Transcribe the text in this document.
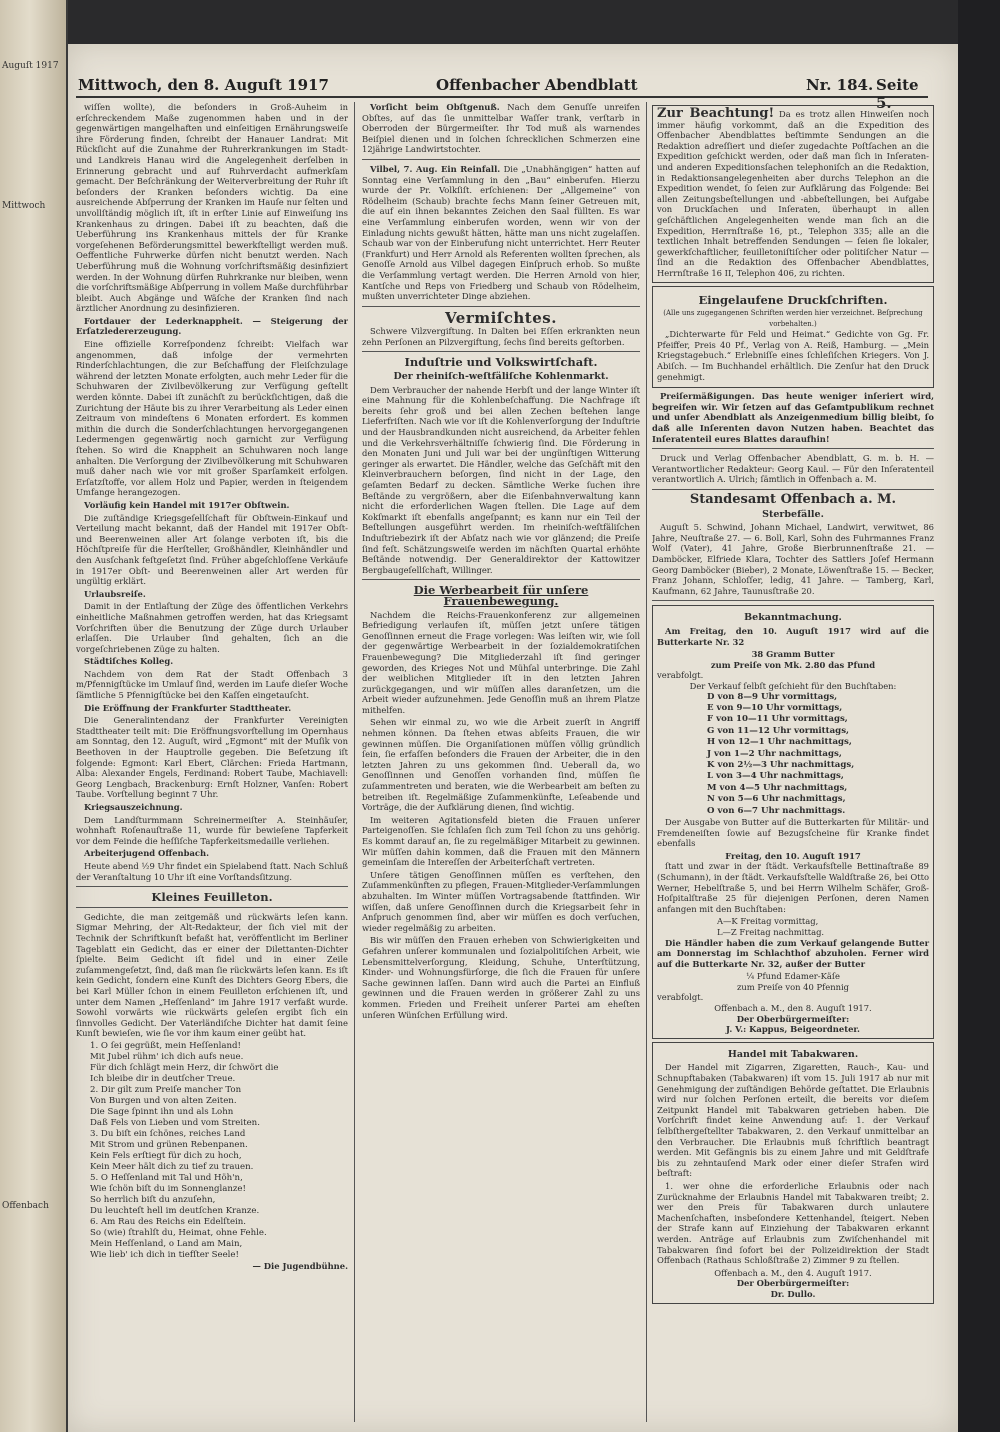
Auguſt 1917
Mittwoch
Offenbach
Mittwoch, den 8. Auguſt 1917	Offenbacher Abendblatt	Nr. 184. Seite 5.

wiſſen wollte), die beſonders in Groß-Auheim in erſchreckendem Maße zugenommen haben und in der gegenwärtigen mangelhaften und einſeitigen Ernährungsweiſe ihre Förderung finden, ſchreibt der Hanauer Landrat: Mit Rückſicht auf die Zunahme der Ruhrerkrankungen im Stadt- und Landkreis Hanau wird die Angelegenheit derſelben in Erinnerung gebracht und auf Ruhrverdacht aufmerkſam gemacht. Der Beſchränkung der Weiterverbreitung der Ruhr iſt beſonders der Kranken beſonders wichtig. Da eine ausreichende Abſperrung der Kranken im Hauſe nur ſelten und unvollſtändig möglich iſt, iſt in erſter Linie auf Einweiſung ins Krankenhaus zu dringen. Dabei iſt zu beachten, daß die Ueberführung ins Krankenhaus mittels der für Kranke vorgeſehenen Beförderungsmittel bewerkſtelligt werden muß. Oeffentliche Fuhrwerke dürfen nicht benutzt werden. Nach Ueberführung muß die Wohnung vorſchriftsmäßig desinfiziert werden. In der Wohnung dürfen Ruhrkranke nur bleiben, wenn die vorſchriftsmäßige Abſperrung in vollem Maße durchführbar bleibt. Auch Abgänge und Wäſche der Kranken ſind nach ärztlicher Anordnung zu desinfizieren.

Fortdauer der Lederknappheit. — Steigerung der Erſatzledererzeugung.

Eine offizielle Korreſpondenz ſchreibt: Vielfach war angenommen, daß infolge der vermehrten Rinderſchlachtungen, die zur Beſchaffung der Fleiſchzulage während der letzten Monate erfolgten, auch mehr Leder für die Schuhwaren der Zivilbevölkerung zur Verfügung geſtellt werden könnte. Dabei iſt zunächſt zu berückſichtigen, daß die Zurichtung der Häute bis zu ihrer Verarbeitung als Leder einen Zeitraum von mindeſtens 6 Monaten erfordert. Es kommen mithin die durch die Sonderſchlachtungen hervorgegangenen Ledermengen gegenwärtig noch garnicht zur Verfügung ſtehen. So wird die Knappheit an Schuhwaren noch lange anhalten. Die Verſorgung der Zivilbevölkerung mit Schuhwaren muß daher nach wie vor mit großer Sparſamkeit erfolgen. Erſatzſtoffe, vor allem Holz und Papier, werden in ſteigendem Umfange herangezogen.

Vorläufig kein Handel mit 1917er Obſtwein.

Die zuſtändige Kriegsgeſellſchaft für Obſtwein-Einkauf und Verteilung macht bekannt, daß der Handel mit 1917er Obſt- und Beerenweinen aller Art ſolange verboten iſt, bis die Höchſtpreiſe für die Herſteller, Großhändler, Kleinhändler und den Ausſchank feſtgeſetzt ſind. Früher abgeſchloſſene Verkäufe in 1917er Obſt- und Beerenweinen aller Art werden für ungültig erklärt.

Urlaubsreiſe.

Damit in der Entlaſtung der Züge des öffentlichen Verkehrs einheitliche Maßnahmen getroffen werden, hat das Kriegsamt Vorſchriften über die Benutzung der Züge durch Urlauber erlaſſen. Die Urlauber ſind gehalten, ſich an die vorgeſchriebenen Züge zu halten.

Städtiſches Kolleg.

Nachdem von dem Rat der Stadt Offenbach 3 m/Pfennigſtücke im Umlauf ſind, werden im Laufe dieſer Woche ſämtliche 5 Pfennigſtücke bei den Kaſſen eingetauſcht.

Die Eröffnung der Frankfurter Stadttheater.

Die Generalintendanz der Frankfurter Vereinigten Stadttheater teilt mit: Die Eröffnungsvorſtellung im Opernhaus am Sonntag, den 12. Auguſt, wird „Egmont“ mit der Muſik von Beethoven in der Hauptrolle gegeben. Die Beſetzung iſt folgende: Egmont: Karl Ebert, Clärchen: Frieda Hartmann, Alba: Alexander Engels, Ferdinand: Robert Taube, Machiavell: Georg Lengbach, Brackenburg: Ernſt Holzner, Vanſen: Robert Taube. Vorſtellung beginnt 7 Uhr.

Kriegsauszeichnung.

Dem Landſturmmann Schreinermeiſter A. Steinhäuſer, wohnhaft Roſenauſtraße 11, wurde für bewieſene Tapferkeit vor dem Feinde die heſſiſche Tapferkeitsmedaille verliehen.

Arbeiterjugend Offenbach.

Heute abend ½9 Uhr findet ein Spielabend ſtatt. Nach Schluß der Veranſtaltung 10 Uhr iſt eine Vorſtandsſitzung.

Kleines Feuilleton.

Gedichte, die man zeitgemäß und rückwärts leſen kann. Sigmar Mehring, der Alt-Redakteur, der ſich viel mit der Technik der Schriftkunſt befaßt hat, veröffentlicht im Berliner Tageblatt ein Gedicht, das er einer der Dilettanten-Dichter ſpielte. Beim Gedicht iſt fidel und in einer Zeile zuſammengeſetzt, ſind, daß man ſie rückwärts leſen kann. Es iſt kein Gedicht, ſondern eine Kunſt des Dichters Georg Ebers, die bei Karl Müller ſchon in einem Feuilleton erſchienen iſt, und unter dem Namen „Heſſenland“ im Jahre 1917 verfaßt wurde. Sowohl vorwärts wie rückwärts geleſen ergibt ſich ein ſinnvolles Gedicht. Der Vaterländiſche Dichter hat damit ſeine Kunſt bewieſen, wie ſie vor ihm kaum einer geübt hat.

1. O ſei gegrüßt, mein Heſſenland!
Mit Jubel rühm' ich dich aufs neue.
Für dich ſchlägt mein Herz, dir ſchwört die
Ich bleibe dir in deutſcher Treue.
2. Dir gilt zum Preiſe mancher Ton
Von Burgen und von alten Zeiten.
Die Sage ſpinnt ihn und als Lohn
Daß Fels von Lieben und vom Streiten.
3. Du biſt ein ſchönes, reiches Land
Mit Strom und grünen Rebenpanen.
Kein Fels erſtiegt für dich zu hoch,
Kein Meer hält dich zu tief zu trauen.
5. O Heſſenland mit Tal und Höh'n,
Wie ſchön biſt du im Sonnenglanze!
So herrlich biſt du anzuſehn,
Du leuchteſt hell im deutſchen Kranze.
6. Am Rau des Reichs ein Edelſtein.
So (wie) ſtrahlſt du, Heimat, ohne Fehle.
Mein Heſſenland, o Land am Main,
Wie lieb' ich dich in tiefſter Seele!
— Die Jugendbühne.

Vorſicht beim Obſtgenuß. Nach dem Genuſſe unreifen Obſtes, auf das ſie unmittelbar Waſſer trank, verſtarb in Oberroden der Bürgermeiſter. Ihr Tod muß als warnendes Beiſpiel dienen und in ſolchen ſchrecklichen Schmerzen eine 12jährige Landwirtstochter.

Vilbel, 7. Aug. Ein Reinfall. Die „Unabhängigen“ hatten auf Sonntag eine Verſammlung in den „Bau“ einberufen. Hierzu wurde der Pr. Volkſiſt. erſchienen: Der „Allgemeine“ von Rödelheim (Schaub) brachte ſechs Mann ſeiner Getreuen mit, die auf ein ihnen bekanntes Zeichen den Saal füllten. Es war eine Verſammlung einberufen worden, wenn wir von der Einladung nichts gewußt hätten, hätte man uns nicht zugelaſſen. Schaub war von der Einberufung nicht unterrichtet. Herr Reuter (Frankfurt) und Herr Arnold als Referenten wollten ſprechen, als Genoſſe Arnold aus Vilbel dagegen Einſpruch erhob. So mußte die Verſammlung vertagt werden. Die Herren Arnold von hier, Kantſche und Reps von Friedberg und Schaub von Rödelheim, mußten unverrichteter Dinge abziehen.

Vermiſchtes.

Schwere Vilzvergiftung. In Dalten bei Eſſen erkrankten neun zehn Perſonen an Pilzvergiftung, ſechs ſind bereits geſtorben.

Induſtrie und Volkswirtſchaft.
Der rheiniſch-weſtfäliſche Kohlenmarkt.

Dem Verbraucher der nahende Herbſt und der lange Winter iſt eine Mahnung für die Kohlenbeſchaffung. Die Nachfrage iſt bereits ſehr groß und bei allen Zechen beſtehen lange Lieferfriſten. Nach wie vor iſt die Kohlenverſorgung der Induſtrie und der Hausbrandkunden nicht ausreichend, da Arbeiter fehlen und die Verkehrsverhältniſſe ſchwierig ſind. Die Förderung in den Monaten Juni und Juli war bei der ungünſtigen Witterung geringer als erwartet. Die Händler, welche das Geſchäft mit den Kleinverbrauchern beſorgen, ſind nicht in der Lage, den geſamten Bedarf zu decken. Sämtliche Werke ſuchen ihre Beſtände zu vergrößern, aber die Eiſenbahnverwaltung kann nicht die erforderlichen Wagen ſtellen. Die Lage auf dem Kokſmarkt iſt ebenfalls angeſpannt; es kann nur ein Teil der Beſtellungen ausgeführt werden. Im rheiniſch-weſtfäliſchen Induſtriebezirk iſt der Abſatz nach wie vor glänzend; die Preiſe ſind feſt. Schätzungsweiſe werden im nächſten Quartal erhöhte Beſtände notwendig. Der Generaldirektor der Kattowitzer Bergbaugeſellſchaft, Willinger.

Die Werbearbeit für unſere Frauenbewegung.

Nachdem die Reichs-Frauenkonferenz zur allgemeinen Befriedigung verlaufen iſt, müſſen jetzt unſere tätigen Genoſſinnen erneut die Frage vorlegen: Was leiſten wir, wie ſoll der gegenwärtige Werbearbeit in der ſozialdemokratiſchen Frauenbewegung? Die Mitgliederzahl iſt ſind geringer geworden, des Krieges Not und Mühſal unterbringe. Die Zahl der weiblichen Mitglieder iſt in den letzten Jahren zurückgegangen, und wir müſſen alles daranſetzen, um die Arbeit wieder aufzunehmen. Jede Genoſſin muß an ihrem Platze mithelfen.

Sehen wir einmal zu, wo wie die Arbeit zuerſt in Angriff nehmen können. Da ſtehen etwas abſeits Frauen, die wir gewinnen müſſen. Die Organiſationen müſſen völlig gründlich ſein, ſie erfaſſen beſonders die Frauen der Arbeiter, die in den letzten Jahren zu uns gekommen ſind. Ueberall da, wo Genoſſinnen und Genoſſen vorhanden ſind, müſſen ſie zuſammentreten und beraten, wie die Werbearbeit am beſten zu betreiben iſt. Regelmäßige Zuſammenkünfte, Leſeabende und Vorträge, die der Aufklärung dienen, ſind wichtig.

Im weiteren Agitationsfeld bieten die Frauen unſerer Parteigenoſſen. Sie ſchlaſen ſich zum Teil ſchon zu uns gehörig. Es kommt darauf an, ſie zu regelmäßiger Mitarbeit zu gewinnen. Wir müſſen dahin kommen, daß die Frauen mit den Männern gemeinſam die Intereſſen der Arbeiterſchaft vertreten.

Unſere tätigen Genoſſinnen müſſen es verſtehen, den Zuſammenkünften zu pflegen, Frauen-Mitglieder-Verſammlungen abzuhalten. Im Winter müſſen Vortragsabende ſtattfinden. Wir wiſſen, daß unſere Genoſſinnen durch die Kriegsarbeit ſehr in Anſpruch genommen ſind, aber wir müſſen es doch verſuchen, wieder regelmäßig zu arbeiten.

Bis wir müſſen den Frauen erheben von Schwierigkeiten und Gefahren unſerer kommunalen und ſozialpolitiſchen Arbeit, wie Lebensmittelverſorgung, Kleidung, Schuhe, Unterſtützung, Kinder- und Wohnungsfürſorge, die ſich die Frauen für unſere Sache gewinnen laſſen. Dann wird auch die Partei an Einfluß gewinnen und die Frauen werden in größerer Zahl zu uns kommen. Frieden und Freiheit unſerer Partei am eheſten unſeren Wünſchen Erfüllung wird.

Zur Beachtung! Da es trotz allen Hinweiſen noch immer häufig vorkommt, daß an die Expedition des Offenbacher Abendblattes beſtimmte Sendungen an die Redaktion adreſſiert und dieſer zugedachte Poſtſachen an die Expedition geſchickt werden, oder daß man ſich in Inſeraten- und anderen Expeditionsſachen telephoniſch an die Redaktion, in Redaktionsangelegenheiten aber durchs Telephon an die Expedition wendet, ſo ſeien zur Aufklärung das Folgende: Bei allen Zeitungsbeſtellungen und -abbeſtellungen, bei Aufgabe von Druckſachen und Inſeraten, überhaupt in allen geſchäftlichen Angelegenheiten wende man ſich an die Expedition, Herrnſtraße 16, pt., Telephon 335; alle an die textlichen Inhalt betreffenden Sendungen — ſeien ſie lokaler, gewerkſchaftlicher, feuilletoniſtiſcher oder politiſcher Natur — ſind an die Redaktion des Offenbacher Abendblattes, Herrnſtraße 16 II, Telephon 406, zu richten.
Eingelaufene Druckſchriften.
(Alle uns zugegangenen Schriften werden hier verzeichnet. Beſprechung vorbehalten.)

„Dichterwarte für Feld und Heimat.“ Gedichte von Gg. Fr. Pfeiffer, Preis 40 Pf., Verlag von A. Reiß, Hamburg. — „Mein Kriegstagebuch.“ Erlebniſſe eines ſchleſiſchen Kriegers. Von J. Abiſch. — Im Buchhandel erhältlich. Die Zenſur hat den Druck genehmigt.

Preiſermäßigungen. Das heute weniger inſeriert wird, begreifen wir. Wir ſetzen auf das Geſamtpublikum rechnet und unſer Abendblatt als Anzeigenmedium billig bleibt, ſo daß alle Inſerenten davon Nutzen haben. Beachtet das Inſeratenteil eures Blattes daraufhin!

Druck und Verlag Offenbacher Abendblatt, G. m. b. H. — Verantwortlicher Redakteur: Georg Kaul. — Für den Inſeratenteil verantwortlich A. Ulrich; ſämtlich in Offenbach a. M.

Standesamt Offenbach a. M.
Sterbefälle.

Auguſt 5. Schwind, Johann Michael, Landwirt, verwitwet, 86 Jahre, Neuſtraße 27. — 6. Boll, Karl, Sohn des Fuhrmannes Franz Wolf (Vater), 41 Jahre, Große Bierbrunnenſtraße 21. — Damböcker, Elfriede Klara, Tochter des Sattlers Joſef Hermann Georg Damböcker (Bieber), 2 Monate, Löwenſtraße 15. — Becker, Franz Johann, Schloſſer, ledig, 41 Jahre. — Tamberg, Karl, Kaufmann, 62 Jahre, Taunusſtraße 20.

Bekanntmachung.

Am Freitag, den 10. Auguſt 1917 wird auf die Butterkarte Nr. 32

38 Gramm Butter
zum Preiſe von Mk. 2.80 das Pfund
verabfolgt.
Der Verkauf ſelbſt geſchieht für den Buchſtaben:
D von 8—9 Uhr vormittags,
E von 9—10 Uhr vormittags,
F von 10—11 Uhr vormittags,
G von 11—12 Uhr vormittags,
H von 12—1 Uhr nachmittags,
J von 1—2 Uhr nachmittags,
K von 2½—3 Uhr nachmittags,
L von 3—4 Uhr nachmittags,
M von 4—5 Uhr nachmittags,
N von 5—6 Uhr nachmittags,
O von 6—7 Uhr nachmittags.

Der Ausgabe von Butter auf die Butterkarten für Militär- und Fremdeneiſten ſowie auf Bezugsſcheine für Kranke findet ebenfalls

Freitag, den 10. Auguſt 1917

ſtatt und zwar in der ſtädt. Verkaufsſtelle Bettinaſtraße 89 (Schumann), in der ſtädt. Verkaufsſtelle Waldſtraße 26, bei Otto Werner, Hebelſtraße 5, und bei Herrn Wilhelm Schäfer, Groß-Hoſpitalſtraße 25 für diejenigen Perſonen, deren Namen anfangen mit den Buchſtaben:

A—K Freitag vormittag,
L—Z Freitag nachmittag.

Die Händler haben die zum Verkauf gelangende Butter am Donnerstag im Schlachthof abzuholen. Ferner wird auf die Butterkarte Nr. 32, außer der Butter

¼ Pfund Edamer-Käſe
zum Preiſe von 40 Pfennig
verabfolgt.
Offenbach a. M., den 8. Auguſt 1917.
Der Oberbürgermeiſter:
J. V.: Kappus, Beigeordneter.
Handel mit Tabakwaren.

Der Handel mit Zigarren, Zigaretten, Rauch-, Kau- und Schnupftabaken (Tabakwaren) iſt vom 15. Juli 1917 ab nur mit Genehmigung der zuſtändigen Behörde geſtattet. Die Erlaubnis wird nur ſolchen Perſonen erteilt, die bereits vor dieſem Zeitpunkt Handel mit Tabakwaren getrieben haben. Die Vorſchrift findet keine Anwendung auf: 1. der Verkauf ſelbſthergeſtellter Tabakwaren, 2. den Verkauf unmittelbar an den Verbraucher. Die Erlaubnis muß ſchriftlich beantragt werden. Mit Gefängnis bis zu einem Jahre und mit Geldſtrafe bis zu zehntauſend Mark oder einer dieſer Strafen wird beſtraft:

1. wer ohne die erforderliche Erlaubnis oder nach Zurücknahme der Erlaubnis Handel mit Tabakwaren treibt; 2. wer den Preis für Tabakwaren durch unlautere Machenſchaften, insbeſondere Kettenhandel, ſteigert. Neben der Strafe kann auf Einziehung der Tabakwaren erkannt werden. Anträge auf Erlaubnis zum Zwiſchenhandel mit Tabakwaren ſind ſofort bei der Polizeidirektion der Stadt Offenbach (Rathaus Schloßſtraße 2) Zimmer 9 zu ſtellen.

Offenbach a. M., den 4. Auguſt 1917.
Der Oberbürgermeiſter:
Dr. Dullo.
